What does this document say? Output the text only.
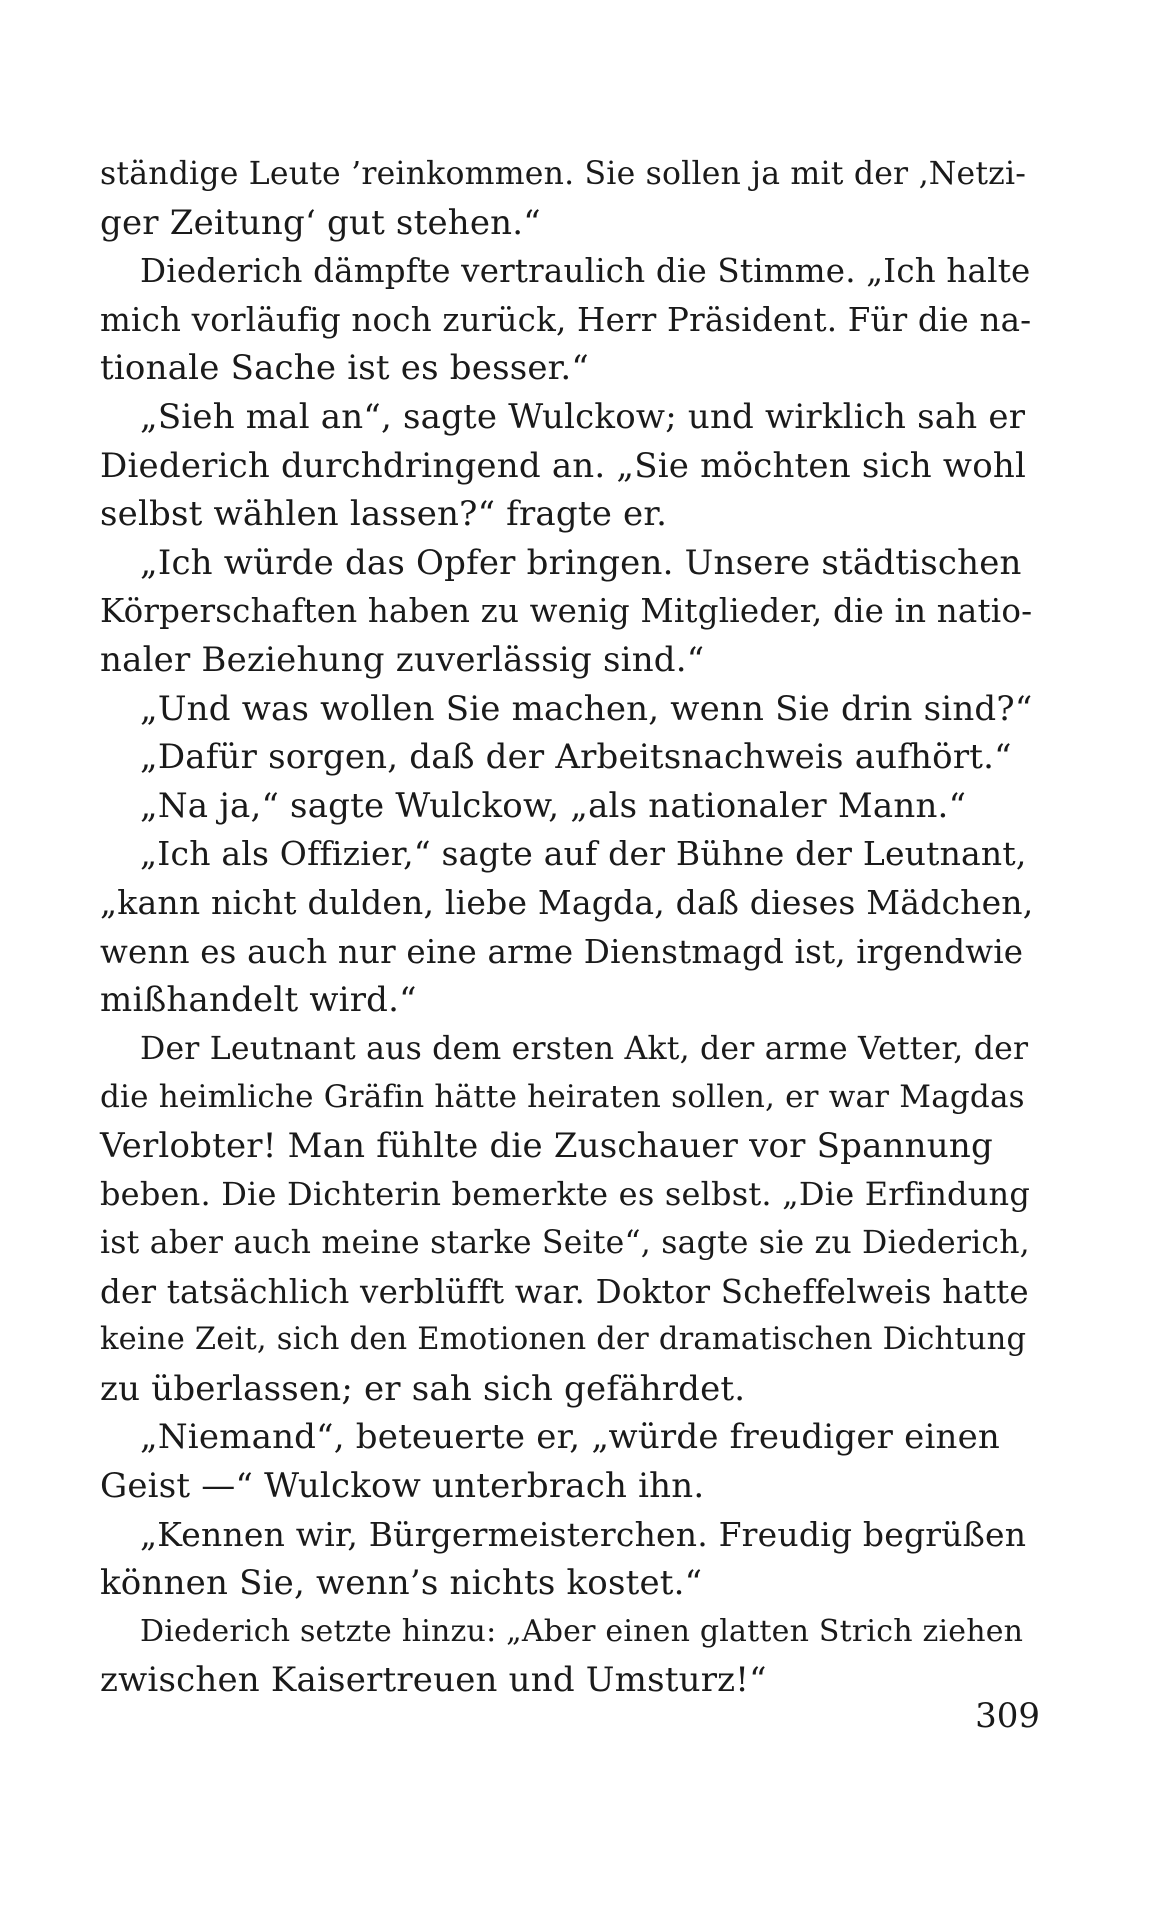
ständige Leute ’reinkommen. Sie sollen ja mit der ‚Netzi-
ger Zeitung‘ gut stehen.“
Diederich dämpfte vertraulich die Stimme. „Ich halte
mich vorläufig noch zurück, Herr Präsident. Für die na-
tionale Sache ist es besser.“
„Sieh mal an“, sagte Wulckow; und wirklich sah er
Diederich durchdringend an. „Sie möchten sich wohl
selbst wählen lassen?“ fragte er.
„Ich würde das Opfer bringen. Unsere städtischen
Körperschaften haben zu wenig Mitglieder, die in natio-
naler Beziehung zuverlässig sind.“
„Und was wollen Sie machen, wenn Sie drin sind?“
„Dafür sorgen, daß der Arbeitsnachweis aufhört.“
„Na ja,“ sagte Wulckow, „als nationaler Mann.“
„Ich als Offizier,“ sagte auf der Bühne der Leutnant,
„kann nicht dulden, liebe Magda, daß dieses Mädchen,
wenn es auch nur eine arme Dienstmagd ist, irgendwie
mißhandelt wird.“
Der Leutnant aus dem ersten Akt, der arme Vetter, der
die heimliche Gräfin hätte heiraten sollen, er war Magdas
Verlobter! Man fühlte die Zuschauer vor Spannung
beben. Die Dichterin bemerkte es selbst. „Die Erfindung
ist aber auch meine starke Seite“, sagte sie zu Diederich,
der tatsächlich verblüfft war. Doktor Scheffelweis hatte
keine Zeit, sich den Emotionen der dramatischen Dichtung
zu überlassen; er sah sich gefährdet.
„Niemand“, beteuerte er, „würde freudiger einen
Geist —“ Wulckow unterbrach ihn.
„Kennen wir, Bürgermeisterchen. Freudig begrüßen
können Sie, wenn’s nichts kostet.“
Diederich setzte hinzu: „Aber einen glatten Strich ziehen
zwischen Kaisertreuen und Umsturz!“
309
